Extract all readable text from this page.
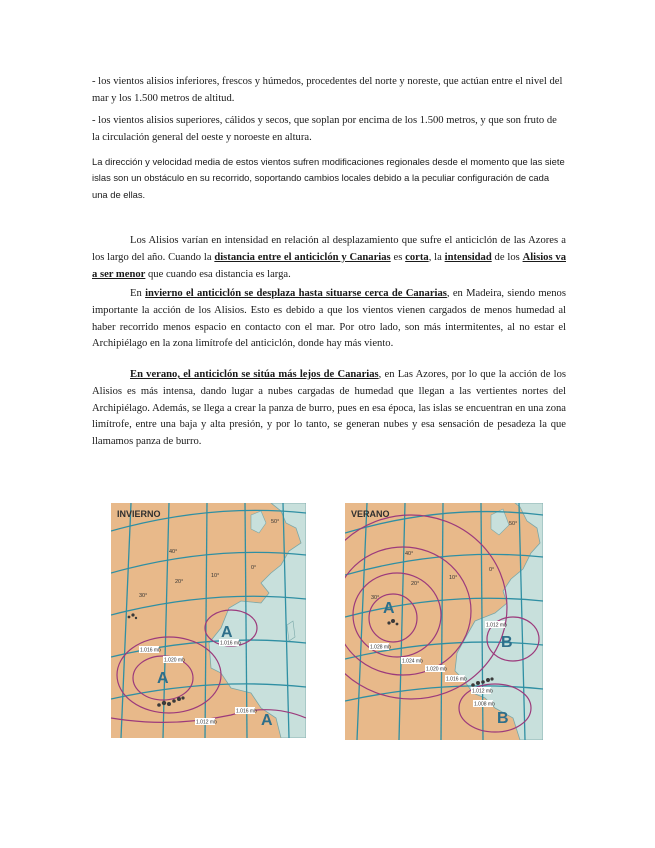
- los vientos alisios inferiores, frescos y húmedos, procedentes del norte y noreste, que actúan entre el nivel del mar y los 1.500 metros de altitud.
- los vientos alisios superiores, cálidos y secos, que soplan por encima de los 1.500 metros, y que son fruto de la circulación general del oeste y noroeste en altura.
La dirección y velocidad media de estos vientos sufren modificaciones regionales desde el momento que las siete islas son un obstáculo en su recorrido, soportando cambios locales debido a la peculiar configuración de cada una de ellas.
Los Alisios varían en intensidad en relación al desplazamiento que sufre el anticiclón de las Azores a los largo del año. Cuando la distancia entre el anticiclón y Canarias es corta, la intensidad de los Alisios va a ser menor que cuando esa distancia es larga.
En invierno el anticiclón se desplaza hasta situarse cerca de Canarias, en Madeira, siendo menos importante la acción de los Alisios. Esto es debido a que los vientos vienen cargados de menos humedad al haber recorrido menos espacio en contacto con el mar. Por otro lado, son más intermitentes, al no estar el Archipiélago en la zona limítrofe del anticiclón, donde hay más viento.
En verano, el anticiclón se sitúa más lejos de Canarias, en Las Azores, por lo que la acción de los Alisios es más intensa, dando lugar a nubes cargadas de humedad que llegan a las vertientes nortes del Archipiélago. Además, se llega a crear la panza de burro, pues en esa época, las islas se encuentran en una zona limítrofe, entre una baja y alta presión, y por lo tanto, se generan nubes y esa sensación de pesadeza la que llamamos panza de burro.
INVIERNO
50°
40°
30°
20°
10°
0°
1.016 mb
1.020 mb
1.016 mb
1.012 mb
1.016 mb
A
A
A
VERANO
50°
40°
30°
20°
10°
0°
1.028 mb
1.024 mb
1.020 mb
1.016 mb
1.012 mb
1.012 mb
1.008 mb
A
B
B
